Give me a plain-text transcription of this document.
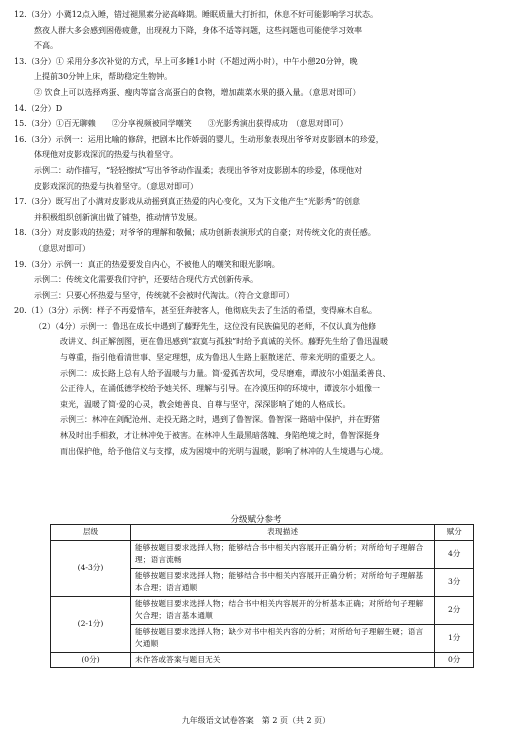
12.（3分）小冀12点入睡，错过褪黑素分泌高峰期。睡眠质量大打折扣，休息不好可能影响学习状态。
熬夜人群大多会感到困倦疲惫，出现视力下降，身体不适等问题，这些问题也可能使学习效率
不高。
13.（3分）① 采用分多次补觉的方式，早上可多睡1小时（不超过两小时），中午小憩20分钟，晚
上提前30分钟上床，帮助稳定生物钟。
② 饮食上可以选择鸡蛋、瘦肉等富含高蛋白的食物，增加蔬菜水果的摄入量。（意思对即可）
14.（2分）D
15.（3分）①百无聊赖　　②分享视频被同学嘲笑　　③光影秀演出获得成功　（意思对即可）
16.（3分）示例一：运用比喻的修辞，把剧本比作娇弱的婴儿，生动形象表现出爷爷对皮影剧本的珍爱，
体现他对皮影戏深沉的热爱与执着坚守。
示例二：动作描写，“轻轻擦拭”写出爷爷动作温柔；表现出爷爷对皮影剧本的珍爱，体现他对
皮影戏深沉的热爱与执着坚守。（意思对即可）
17.（3分）既写出了小满对皮影戏从动摇到真正热爱的内心变化，又为下文他产生“光影秀”的创意
并积极组织创新演出做了铺垫，推动情节发展。
18.（3分）对皮影戏的热爱；对爷爷的理解和敬佩；成功创新表演形式的自豪；对传统文化的责任感。
（意思对即可）
19.（3分）示例一：真正的热爱要发自内心，不被他人的嘲笑和眼光影响。
示例二：传统文化需要我们守护，还要结合现代方式创新传承。
示例三：只要心怀热爱与坚守，传统就不会被时代淘汰。（符合文意即可）
20.（1）（3分）示例：样子不再爱惜车，甚至狂奔驶客人，他彻底失去了生活的希望，变得麻木自私。
（2）（4分）示例一：鲁迅在成长中遇到了藤野先生，这位没有民族偏见的老师，不仅认真为他修
改讲义、纠正解剖图，更在鲁迅感到“寂寞与孤独”时给予真诚的关怀。藤野先生给了鲁迅温暖
与尊重，指引他看清世事、坚定理想，成为鲁迅人生路上驱散迷茫、带来光明的重要之人。
示例二：成长路上总有人给予温暖与力量。简·爱孤苦坎坷，受尽磨难，谭波尔小姐温柔善良、
公正待人，在涌低德学校给予她关怀、理解与引导。在冷漠压抑的环境中，谭波尔小姐像一
束光，温暖了简·爱的心灵，教会她善良、自尊与坚守，深深影响了她的人格成长。
示例三：林冲在剑配沧州、走投无路之时，遇到了鲁智深。鲁智深一路暗中保护，并在野猪
林及时出手相救，才让林冲免于被害。在林冲人生最黑暗落魄、身陷绝境之时，鲁智深挺身
而出保护他，给予他信义与支撑，成为困境中的光明与温暖，影响了林冲的人生境遇与心境。
分级赋分参考
层级	表现描述	赋分
(4-3分)	能够按题目要求选择人物；能够结合书中相关内容展开正确分析；对所给句子理解合理；语言流畅	4分
	能够按题目要求选择人物；能够结合书中相关内容展开正确分析；对所给句子理解基本合理；语言通顺	3分
(2-1分)	能够按题目要求选择人物；结合书中相关内容展开的分析基本正确；对所给句子理解欠合理；语言基本通顺	2分
	能够按题目要求选择人物；缺少对书中相关内容的分析；对所给句子理解生硬；语言欠通顺	1分
(0分)	未作答或答案与题目无关	0分
九年级语文试卷答案　第 2 页（共 2 页）
